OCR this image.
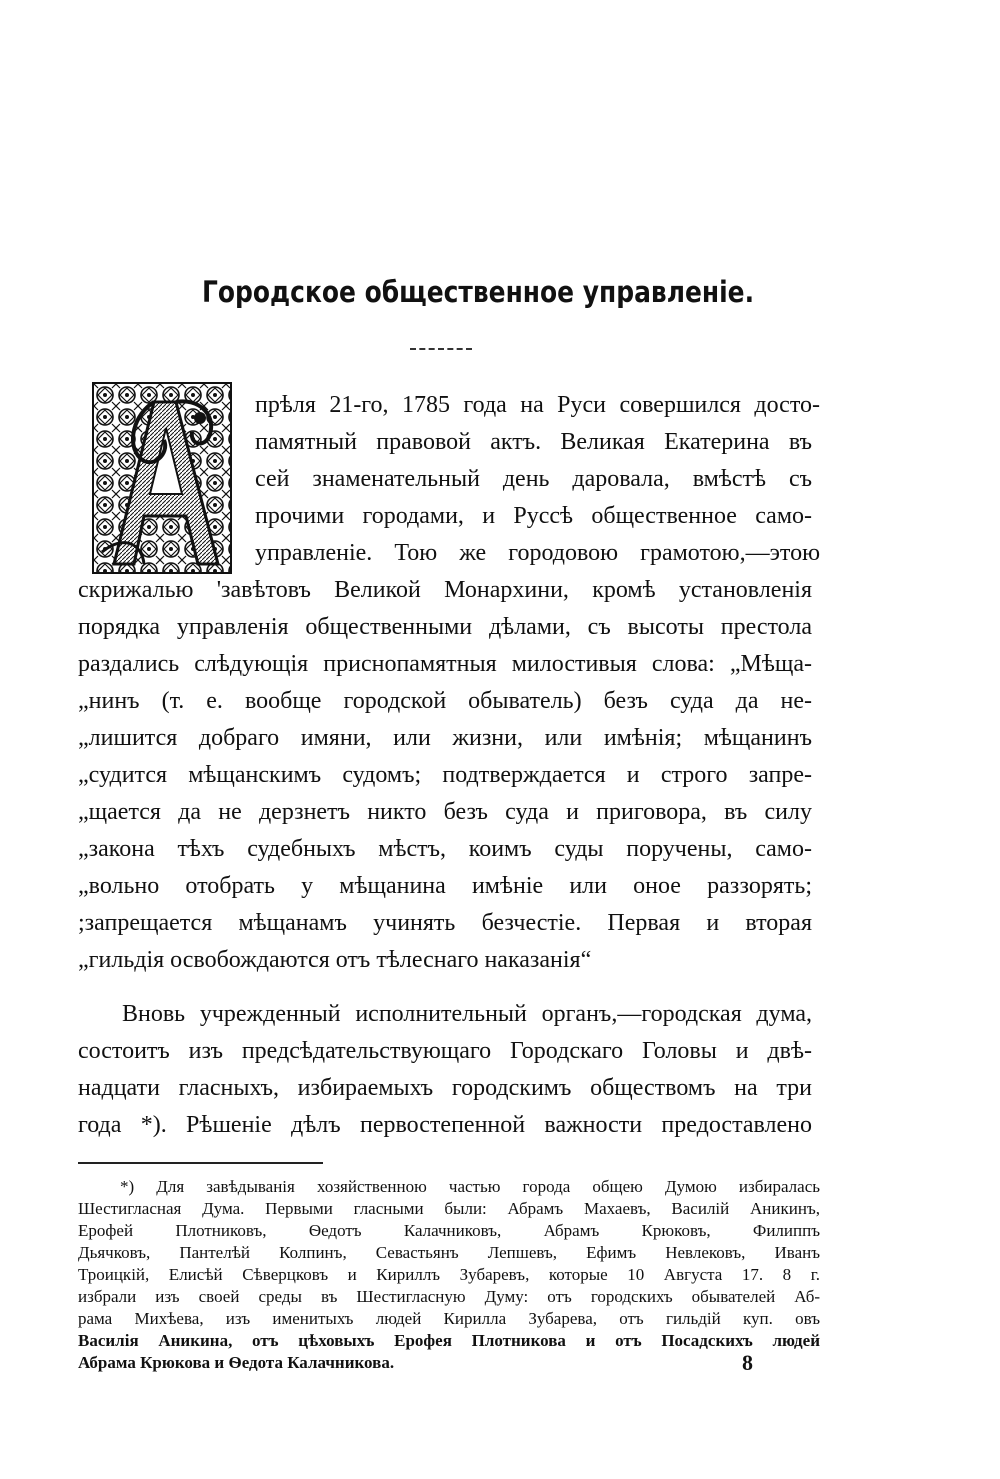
Городское общественное управленіе.
прѣля 21-го, 1785 года на Руси совершился досто-
памятный правовой актъ. Великая Екатерина въ
сей знаменательный день даровала, вмѣстѣ съ
прочими городами, и Руссѣ общественное само-
управленіе. Тою же городовою грамотою,—этою
скрижалью 'завѣтовъ Великой Монархини, кромѣ установленія
порядка управленія общественными дѣлами, съ высоты престола
раздались слѣдующія приснопамятныя милостивыя слова: „Мѣща-
„нинъ (т. е. вообще городской обыватель) безъ суда да не-
„лишится добраго имяни, или жизни, или имѣнія; мѣщанинъ
„судится мѣщанскимъ судомъ; подтверждается и строго запре-
„щается да не дерзнетъ никто безъ суда и приговора, въ силу
„закона тѣхъ судебныхъ мѣстъ, коимъ суды поручены, само-
„вольно отобрать у мѣщанина имѣніе или оное раззорять;
;запрещается мѣщанамъ учинять безчестіе. Первая и вторая
„гильдія освобождаются отъ тѣлеснаго наказанія“
Вновь учрежденный исполнительный органъ,—городская дума,
состоитъ изъ предсѣдательствующаго Городскаго Головы и двѣ-
надцати гласныхъ, избираемыхъ городскимъ обществомъ на три
года *). Рѣшеніе дѣлъ первостепенной важности предоставлено
*) Для завѣдыванія хозяйственною частью города общею Думою избиралась
Шестигласная Дума. Первыми гласными были: Абрамъ Махаевъ, Василій Аникинъ,
Ерофей Плотниковъ, Ѳедотъ Калачниковъ, Абрамъ Крюковъ, Филиппъ
Дьячковъ, Пантелѣй Колпинъ, Севастьянъ Лепшевъ, Ефимъ Невлековъ, Иванъ
Троицкій, Елисѣй Сѣверцковъ и Кириллъ Зубаревъ, которые 10 Августа 17. 8 г.
избрали изъ своей среды въ Шестигласную Думу: отъ городскихъ обывателей Аб-
рама Михѣева, изъ именитыхъ людей Кирилла Зубарева, отъ гильдій куп. овъ
Василія Аникина, отъ цѣховыхъ Ерофея Плотникова и отъ Посадскихъ людей
Абрама Крюкова и Ѳедота Калачникова.	8
